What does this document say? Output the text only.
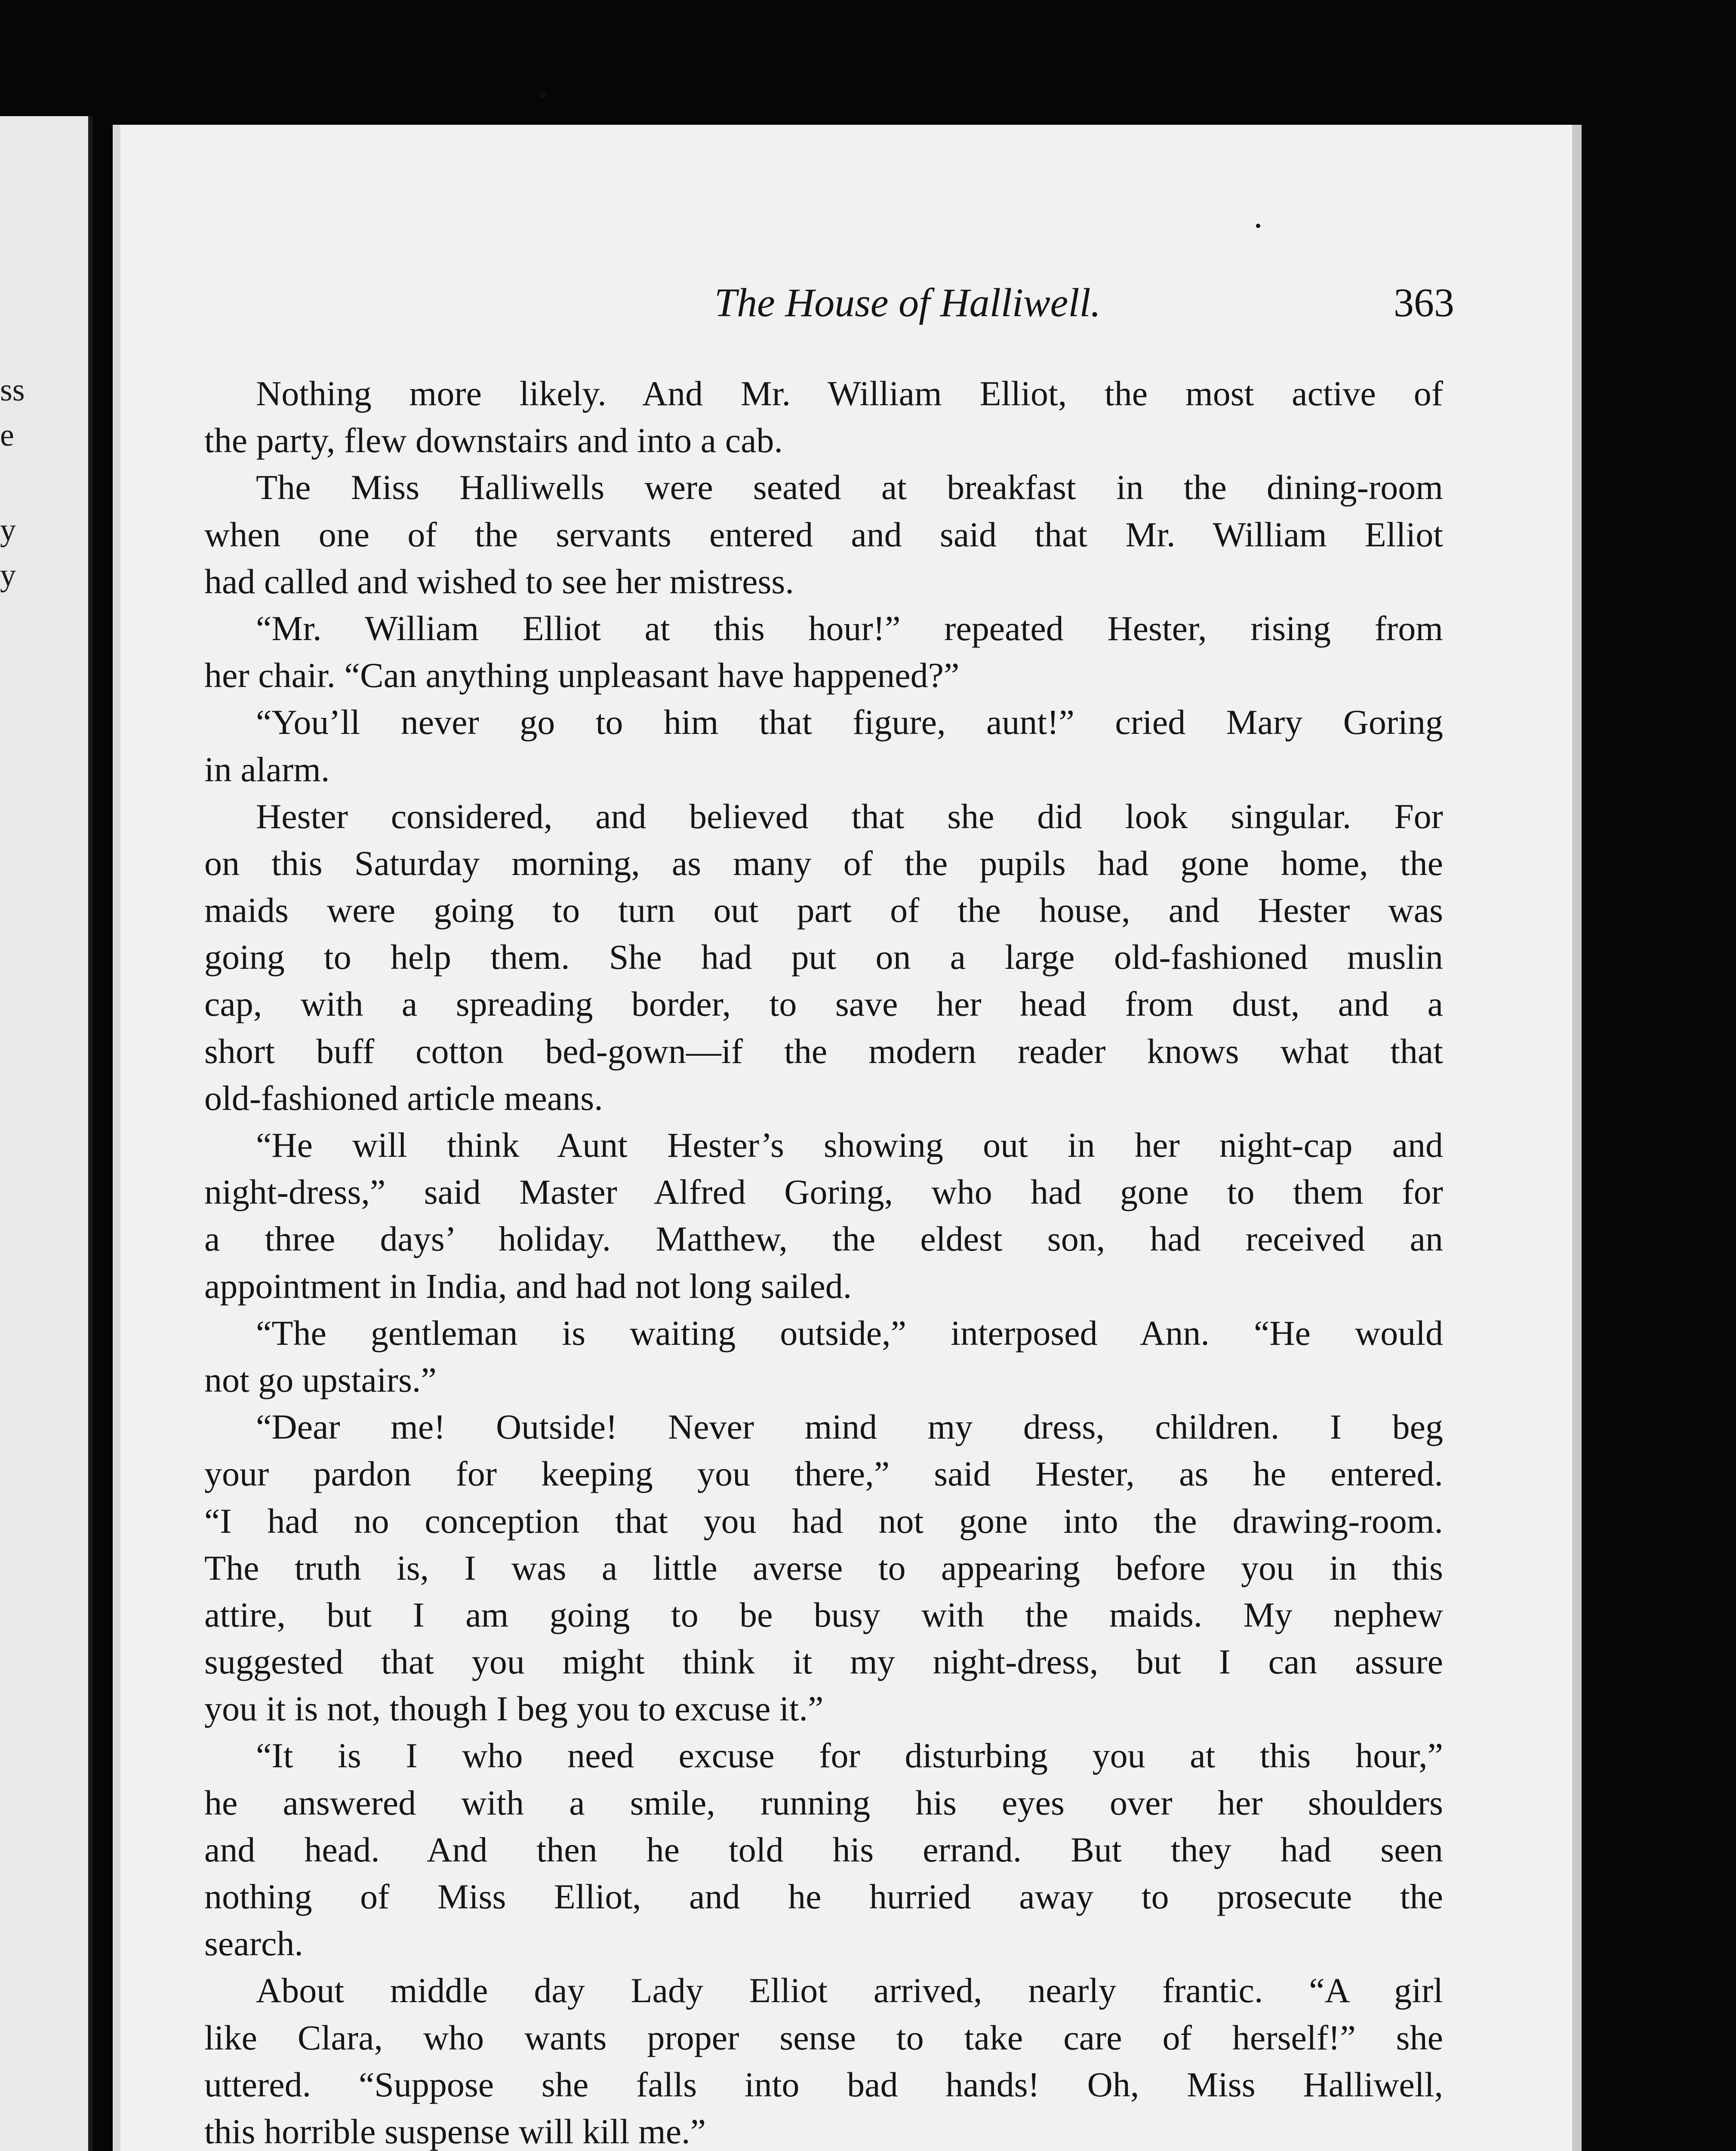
ss
e
y
y
The House of Halliwell.	363
Nothing more likely. And Mr. William Elliot, the most active of
the party, flew downstairs and into a cab.
The Miss Halliwells were seated at breakfast in the dining-room
when one of the servants entered and said that Mr. William Elliot
had called and wished to see her mistress.
“Mr. William Elliot at this hour!” repeated Hester, rising from
her chair. “Can anything unpleasant have happened?”
“You’ll never go to him that figure, aunt!” cried Mary Goring
in alarm.
Hester considered, and believed that she did look singular. For
on this Saturday morning, as many of the pupils had gone home, the
maids were going to turn out part of the house, and Hester was
going to help them. She had put on a large old-fashioned muslin
cap, with a spreading border, to save her head from dust, and a
short buff cotton bed-gown—if the modern reader knows what that
old-fashioned article means.
“He will think Aunt Hester’s showing out in her night-cap and
night-dress,” said Master Alfred Goring, who had gone to them for
a three days’ holiday. Matthew, the eldest son, had received an
appointment in India, and had not long sailed.
“The gentleman is waiting outside,” interposed Ann. “He would
not go upstairs.”
“Dear me! Outside! Never mind my dress, children. I beg
your pardon for keeping you there,” said Hester, as he entered.
“I had no conception that you had not gone into the drawing-room.
The truth is, I was a little averse to appearing before you in this
attire, but I am going to be busy with the maids. My nephew
suggested that you might think it my night-dress, but I can assure
you it is not, though I beg you to excuse it.”
“It is I who need excuse for disturbing you at this hour,”
he answered with a smile, running his eyes over her shoulders
and head. And then he told his errand. But they had seen
nothing of Miss Elliot, and he hurried away to prosecute the
search.
About middle day Lady Elliot arrived, nearly frantic. “A girl
like Clara, who wants proper sense to take care of herself!” she
uttered. “Suppose she falls into bad hands! Oh, Miss Halliwell,
this horrible suspense will kill me.”
